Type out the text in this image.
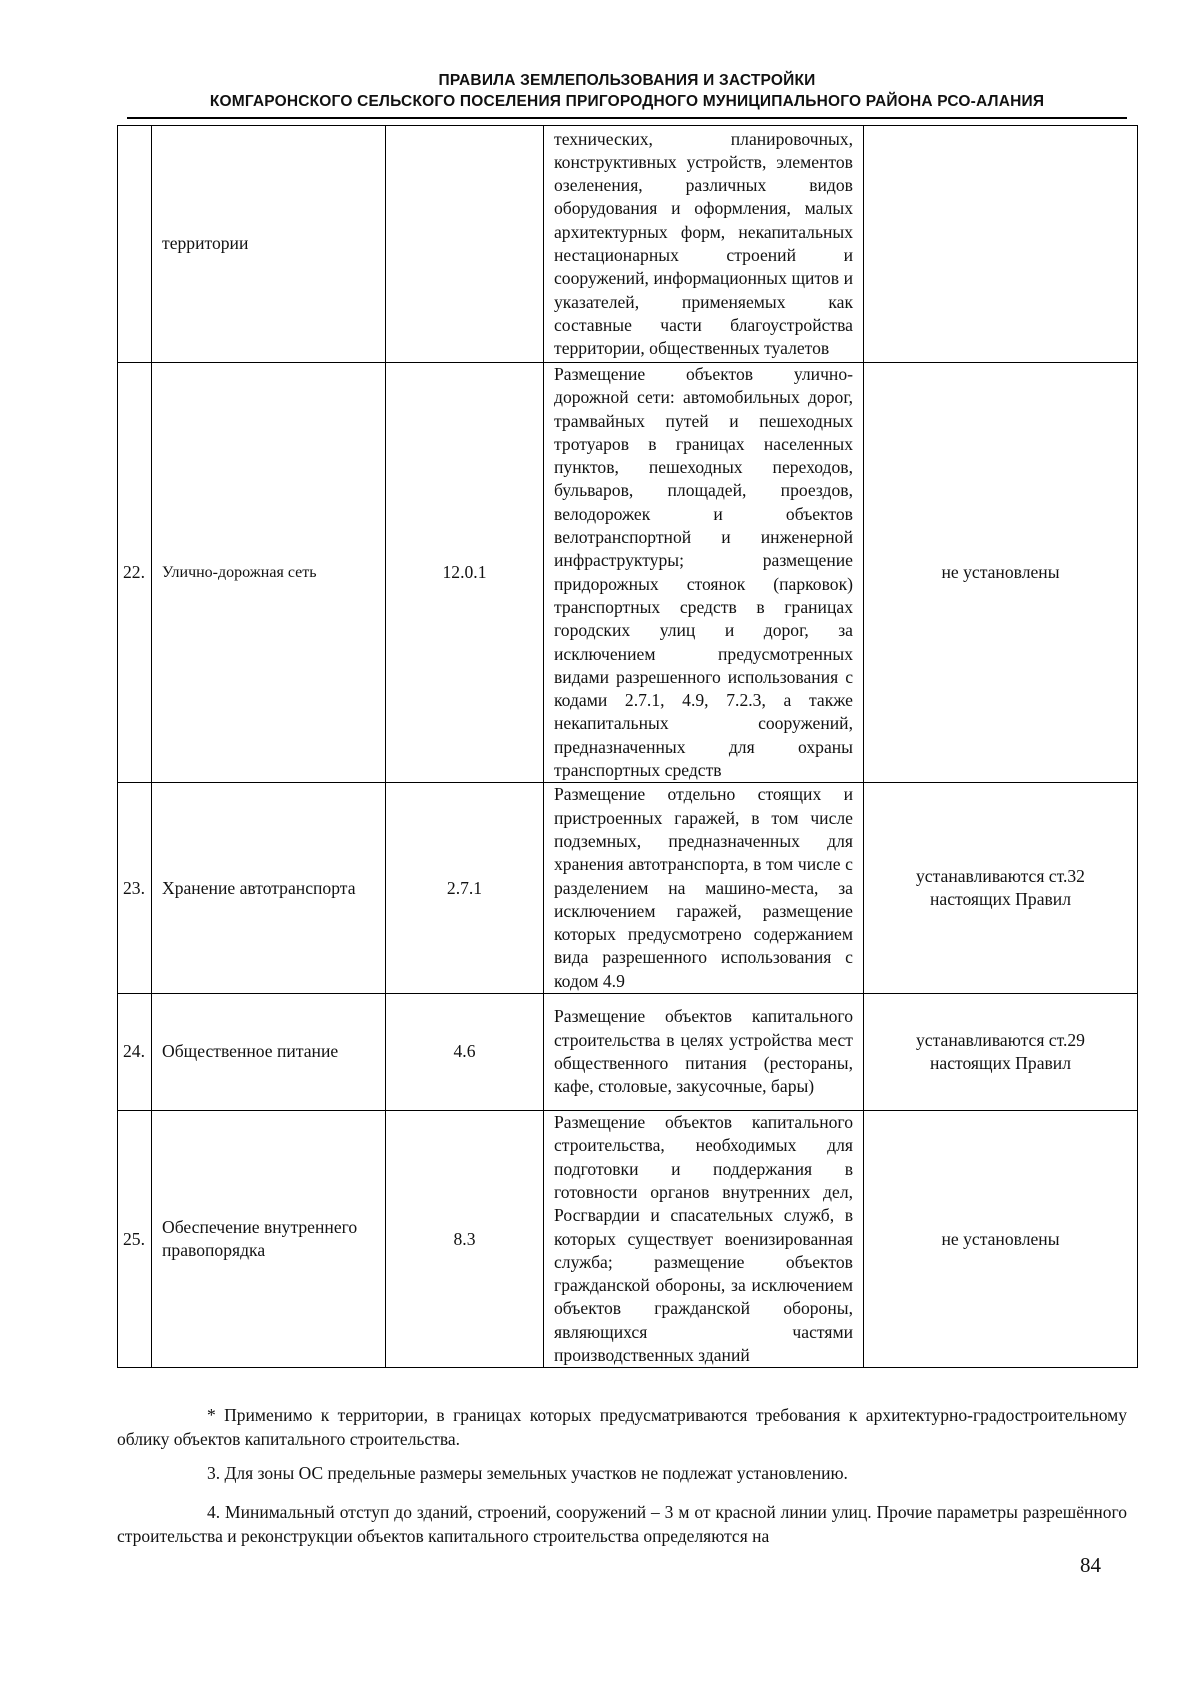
ПРАВИЛА ЗЕМЛЕПОЛЬЗОВАНИЯ И ЗАСТРОЙКИ
КОМГАРОНСКОГО СЕЛЬСКОГО ПОСЕЛЕНИЯ ПРИГОРОДНОГО МУНИЦИПАЛЬНОГО РАЙОНА РСО-АЛАНИЯ
	территории		технических, планировочных, конструктивных устройств, элементов озеленения, различных видов оборудования и оформления, малых архитектурных форм, некапитальных нестационарных строений и сооружений, информационных щитов и указателей, применяемых как составные части благоустройства территории, общественных туалетов	
22.	Улично-дорожная сеть	12.0.1	Размещение объектов улично-дорожной сети: автомобильных дорог, трамвайных путей и пешеходных тротуаров в границах населенных пунктов, пешеходных переходов, бульваров, площадей, проездов, велодорожек и объектов велотранспортной и инженерной инфраструктуры; размещение придорожных стоянок (парковок) транспортных средств в границах городских улиц и дорог, за исключением предусмотренных видами разрешенного использования с кодами 2.7.1, 4.9, 7.2.3, а также некапитальных сооружений, предназначенных для охраны транспортных средств	не установлены
23.	Хранение автотранспорта	2.7.1	Размещение отдельно стоящих и пристроенных гаражей, в том числе подземных, предназначенных для хранения автотранспорта, в том числе с разделением на машино-места, за исключением гаражей, размещение которых предусмотрено содержанием вида разрешенного использования с кодом 4.9	устанавливаются ст.32 настоящих Правил
24.	Общественное питание	4.6	Размещение объектов капитального строительства в целях устройства мест общественного питания (рестораны, кафе, столовые, закусочные, бары)	устанавливаются ст.29 настоящих Правил
25.	Обеспечение внутреннего правопорядка	8.3	Размещение объектов капитального строительства, необходимых для подготовки и поддержания в готовности органов внутренних дел, Росгвардии и спасательных служб, в которых существует военизированная служба; размещение объектов гражданской обороны, за исключением объектов гражданской обороны, являющихся частями производственных зданий	не установлены
* Применимо к территории, в границах которых предусматриваются требования к архитектурно-градостроительному облику объектов капитального строительства.
3. Для зоны ОС предельные размеры земельных участков не подлежат установлению.
4. Минимальный отступ до зданий, строений, сооружений – 3 м от красной линии улиц. Прочие параметры разрешённого строительства и реконструкции объектов капитального строительства определяются на
84
